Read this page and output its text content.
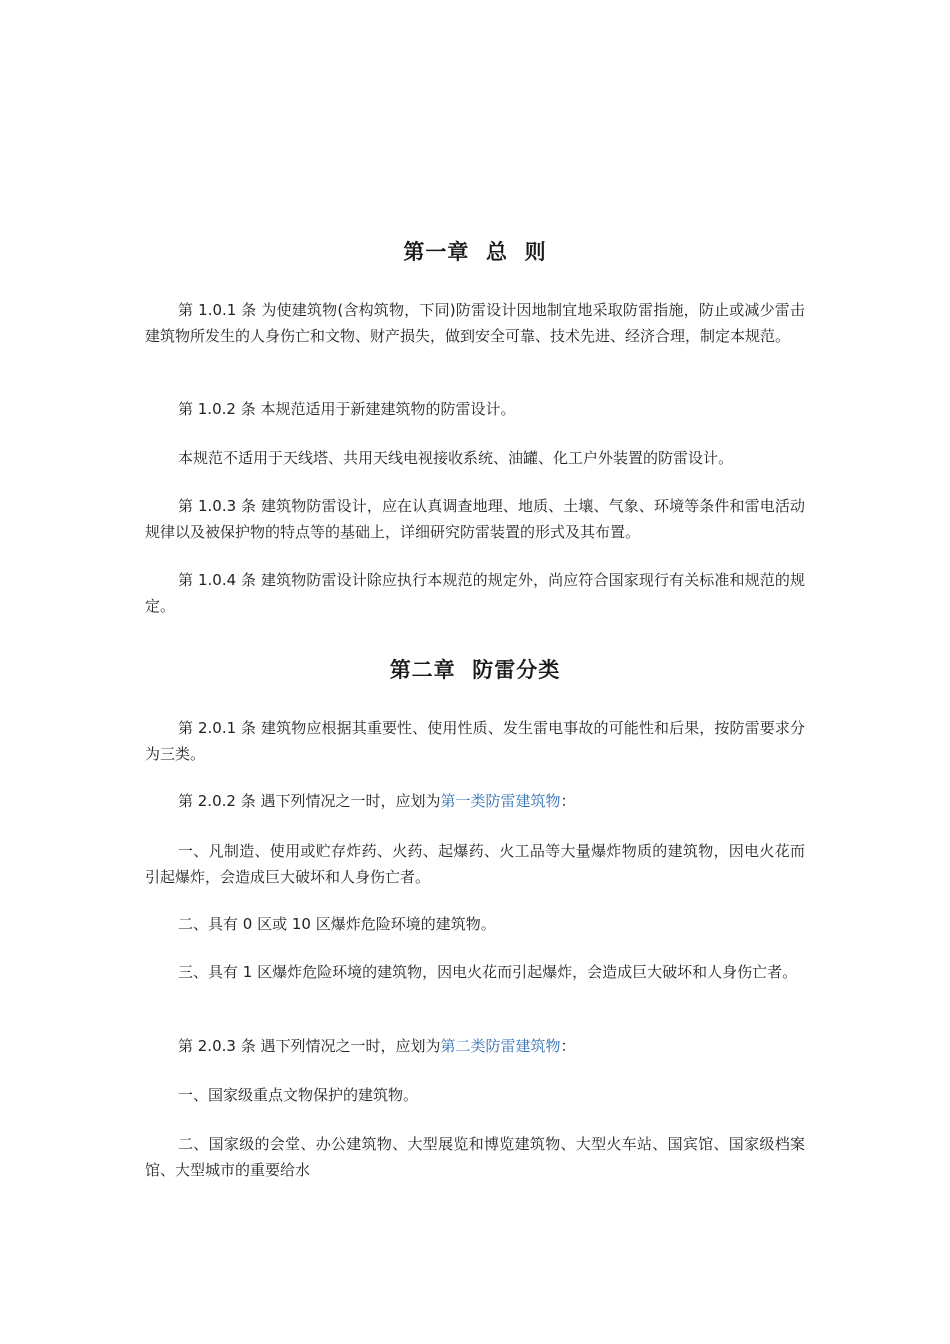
第一章  总  则

第 1.0.1 条 为使建筑物(含构筑物，下同)防雷设计因地制宜地采取防雷指施，防止或减少雷击建筑物所发生的人身伤亡和文物、财产损失，做到安全可靠、技术先进、经济合理，制定本规范。

第 1.0.2 条 本规范适用于新建建筑物的防雷设计。

本规范不适用于天线塔、共用天线电视接收系统、油罐、化工户外装置的防雷设计。

第 1.0.3 条 建筑物防雷设计，应在认真调查地理、地质、土壤、气象、环境等条件和雷电活动规律以及被保护物的特点等的基础上，详细研究防雷装置的形式及其布置。

第 1.0.4 条 建筑物防雷设计除应执行本规范的规定外，尚应符合国家现行有关标准和规范的规定。

第二章  防雷分类

第 2.0.1 条 建筑物应根据其重要性、使用性质、发生雷电事故的可能性和后果，按防雷要求分为三类。

第 2.0.2 条 遇下列情况之一时，应划为第一类防雷建筑物：

一、凡制造、使用或贮存炸药、火药、起爆药、火工品等大量爆炸物质的建筑物，因电火花而引起爆炸，会造成巨大破坏和人身伤亡者。

二、具有 0 区或 10 区爆炸危险环境的建筑物。

三、具有 1 区爆炸危险环境的建筑物，因电火花而引起爆炸，会造成巨大破坏和人身伤亡者。

第 2.0.3 条 遇下列情况之一时，应划为第二类防雷建筑物：

一、国家级重点文物保护的建筑物。

二、国家级的会堂、办公建筑物、大型展览和博览建筑物、大型火车站、国宾馆、国家级档案馆、大型城市的重要给水
